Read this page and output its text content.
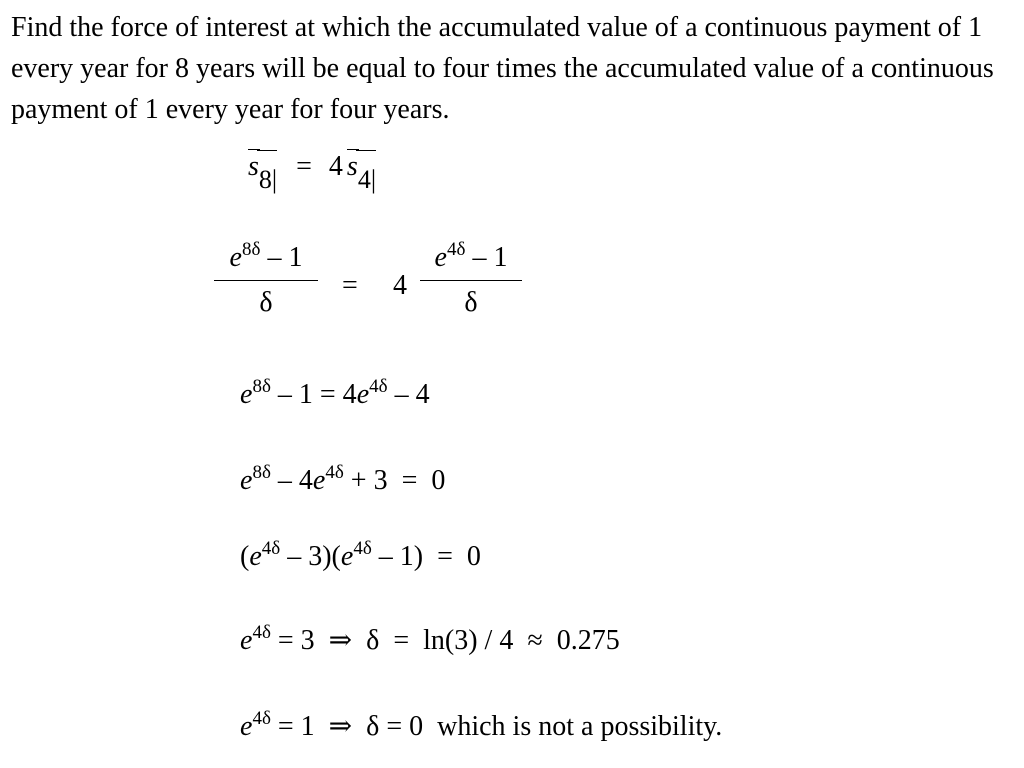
Find the force of interest at which the accumulated value of a continuous payment of 1 every year for 8 years will be equal to four times the accumulated value of a continuous payment of 1 every year for four years.

s8| = 4 s4|
$e^{8\delta} - 1$
δ
= 4
$e^{4\delta} - 1$
δ
$e^{8\delta} - 1 = 4e^{4\delta} - 4$
$e^{8\delta} - 4e^{4\delta} + 3 = 0$
$(e^{4\delta} - 3)(e^{4\delta} - 1) = 0$
$e^{4\delta} = 3$  ⇒  δ  =  ln(3) / 4  ≈  0.275
$e^{4\delta} = 1$  ⇒  δ = 0  which is not a possibility.
